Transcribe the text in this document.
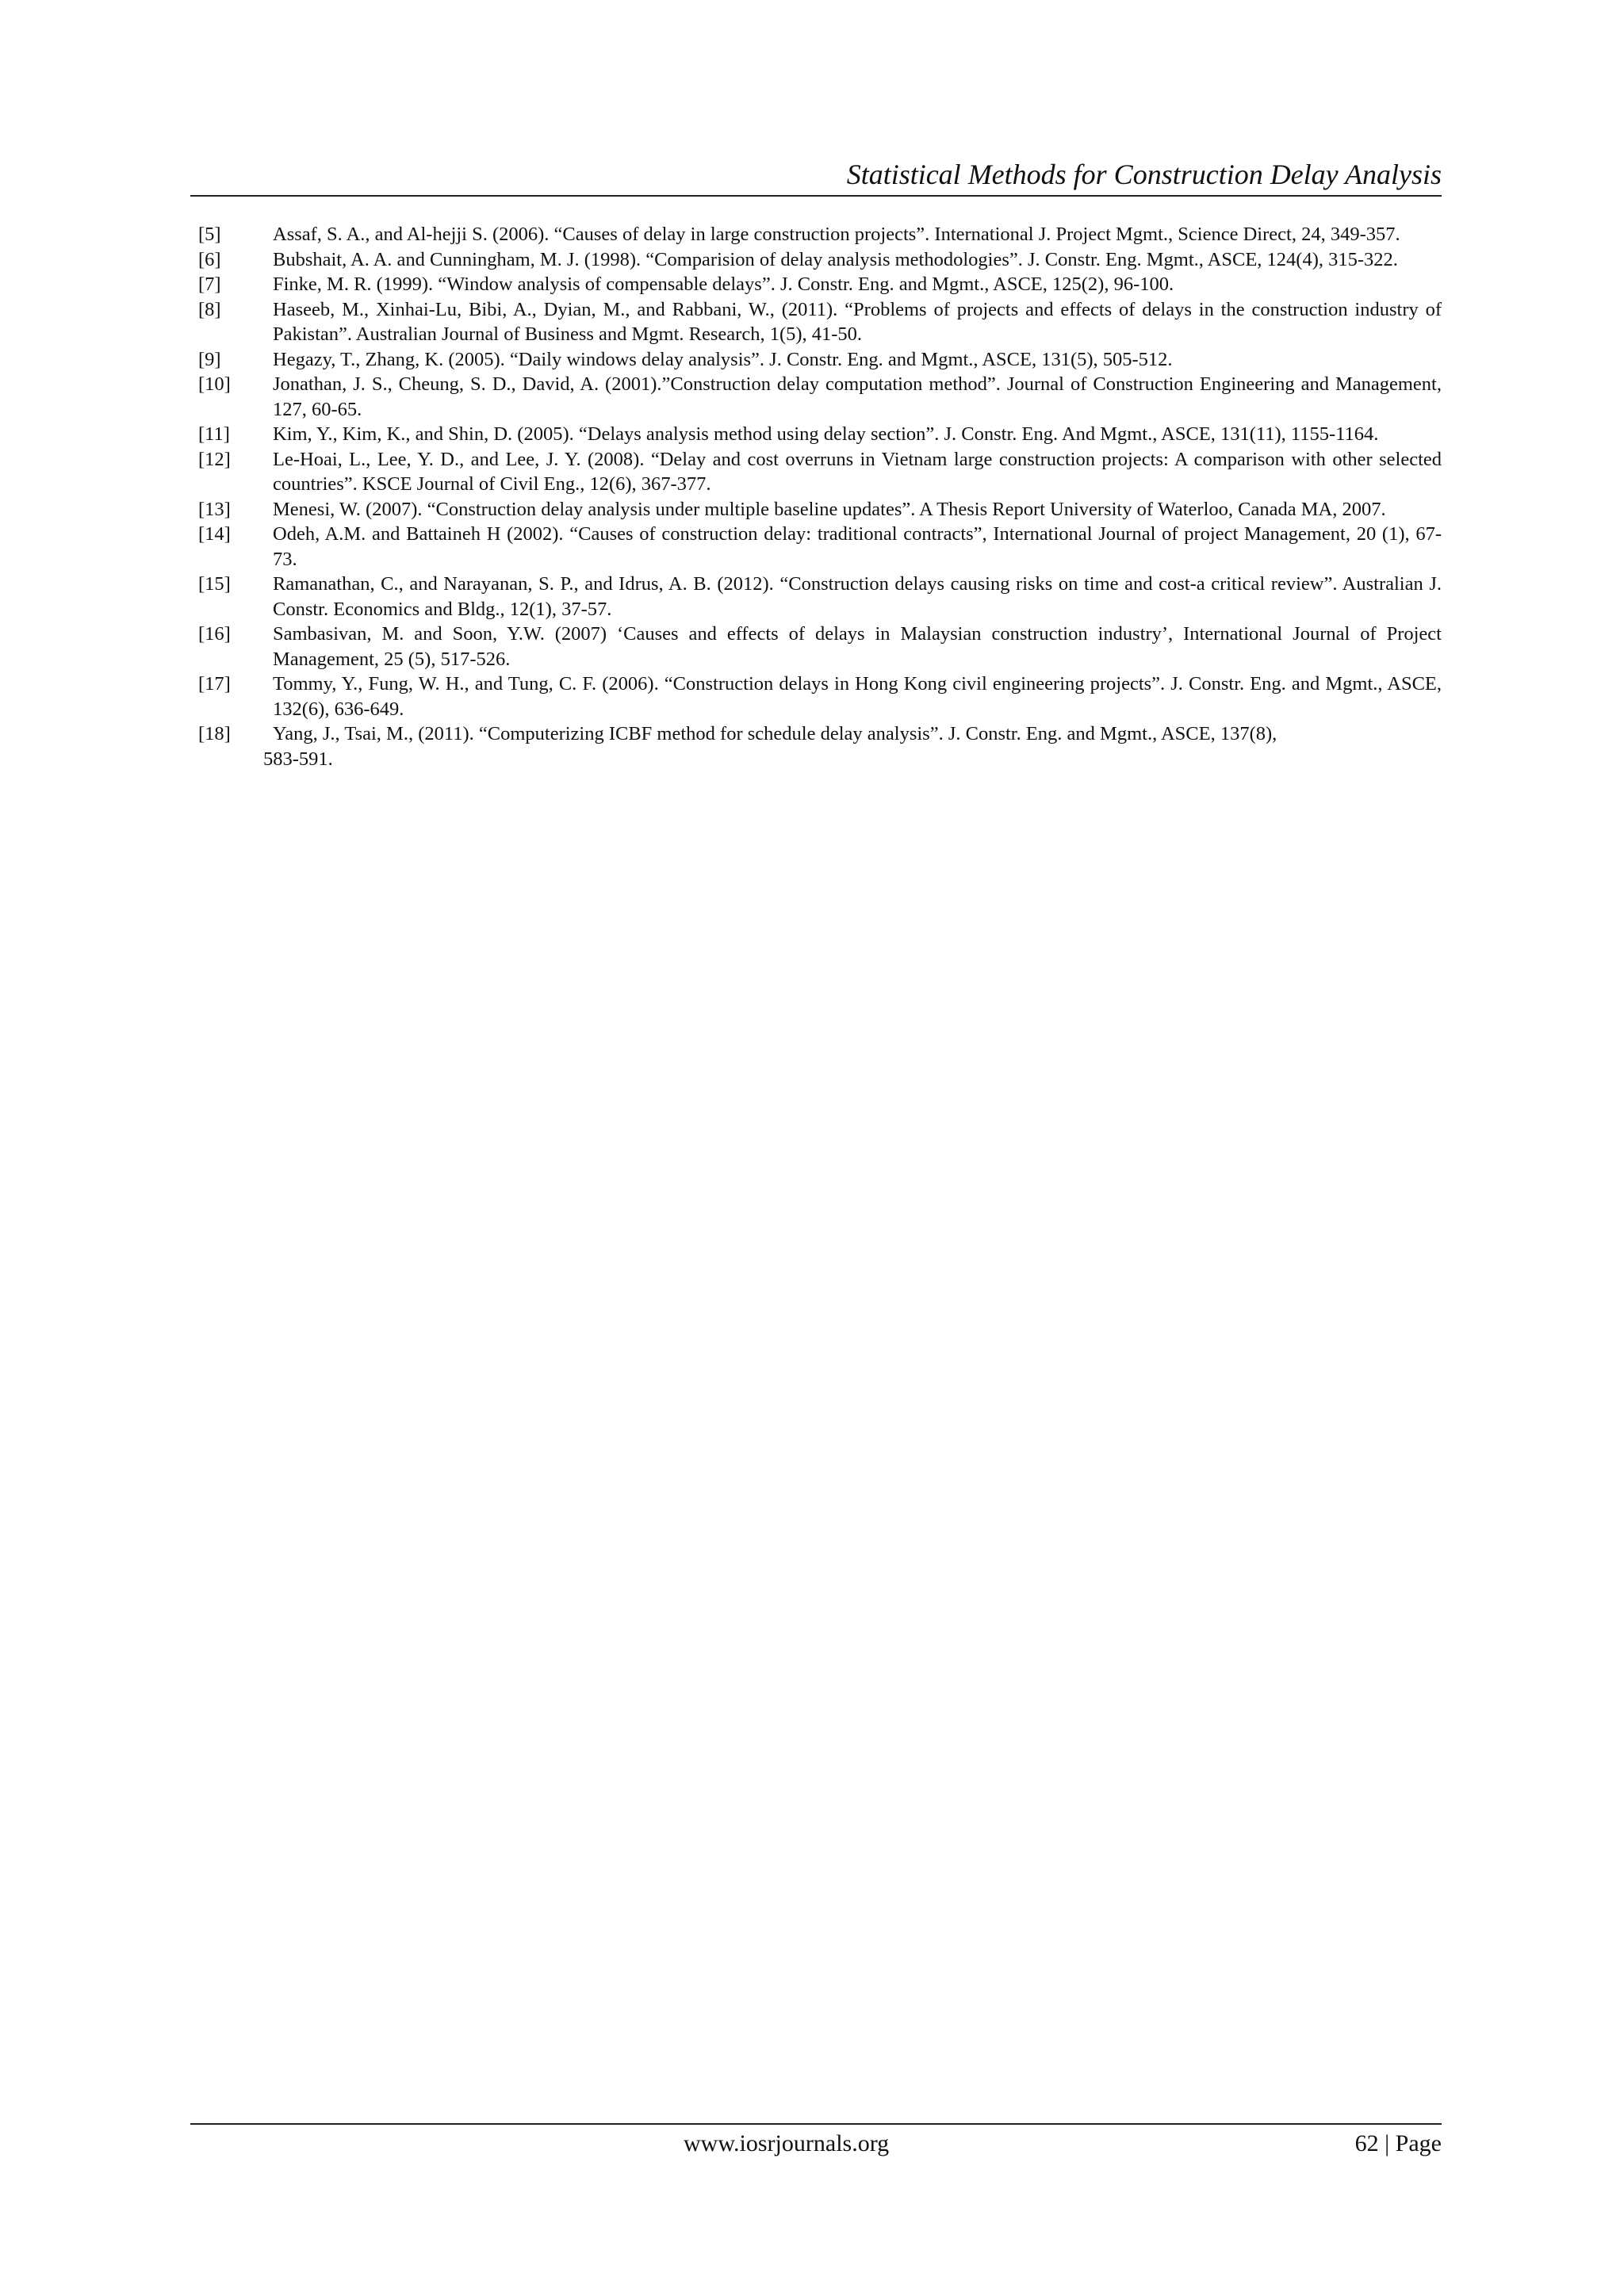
Statistical Methods for Construction Delay Analysis
[5]	Assaf, S. A., and Al-hejji S. (2006). “Causes of delay in large construction projects”. International J. Project Mgmt., Science Direct, 24, 349-357.
[6]	Bubshait, A. A. and Cunningham, M. J. (1998). “Comparision of delay analysis methodologies”. J. Constr. Eng. Mgmt., ASCE, 124(4), 315-322.
[7]	Finke, M. R. (1999). “Window analysis of compensable delays”. J. Constr. Eng. and Mgmt., ASCE, 125(2), 96-100.
[8]	Haseeb, M., Xinhai-Lu, Bibi, A., Dyian, M., and Rabbani, W., (2011). “Problems of projects and effects of delays in the construction industry of Pakistan”. Australian Journal of Business and Mgmt. Research, 1(5), 41-50.
[9]	Hegazy, T., Zhang, K. (2005). “Daily windows delay analysis”. J. Constr. Eng. and Mgmt., ASCE, 131(5), 505-512.
[10]	Jonathan, J. S., Cheung, S. D., David, A. (2001).”Construction delay computation method”. Journal of Construction Engineering and Management, 127, 60-65.
[11]	Kim, Y., Kim, K., and Shin, D. (2005). “Delays analysis method using delay section”. J. Constr. Eng. And Mgmt., ASCE, 131(11), 1155-1164.
[12]	Le-Hoai, L., Lee, Y. D., and Lee, J. Y. (2008). “Delay and cost overruns in Vietnam large construction projects: A comparison with other selected countries”. KSCE Journal of Civil Eng., 12(6), 367-377.
[13]	Menesi, W. (2007). “Construction delay analysis under multiple baseline updates”. A Thesis Report University of Waterloo, Canada MA, 2007.
[14]	Odeh, A.M. and Battaineh H (2002). “Causes of construction delay: traditional contracts”, International Journal of project Management, 20 (1), 67-73.
[15]	Ramanathan, C., and Narayanan, S. P., and Idrus, A. B. (2012). “Construction delays causing risks on time and cost-a critical review”. Australian J. Constr. Economics and Bldg., 12(1), 37-57.
[16]	Sambasivan, M. and Soon, Y.W. (2007) ‘Causes and effects of delays in Malaysian construction industry’, International Journal of Project Management, 25 (5), 517-526.
[17]	Tommy, Y., Fung, W. H., and Tung, C. F. (2006). “Construction delays in Hong Kong civil engineering projects”. J. Constr. Eng. and Mgmt., ASCE, 132(6), 636-649.
[18]	Yang, J., Tsai, M., (2011). “Computerizing ICBF method for schedule delay analysis”. J. Constr. Eng. and Mgmt., ASCE, 137(8),
583-591.
www.iosrjournals.org	62 | Page
